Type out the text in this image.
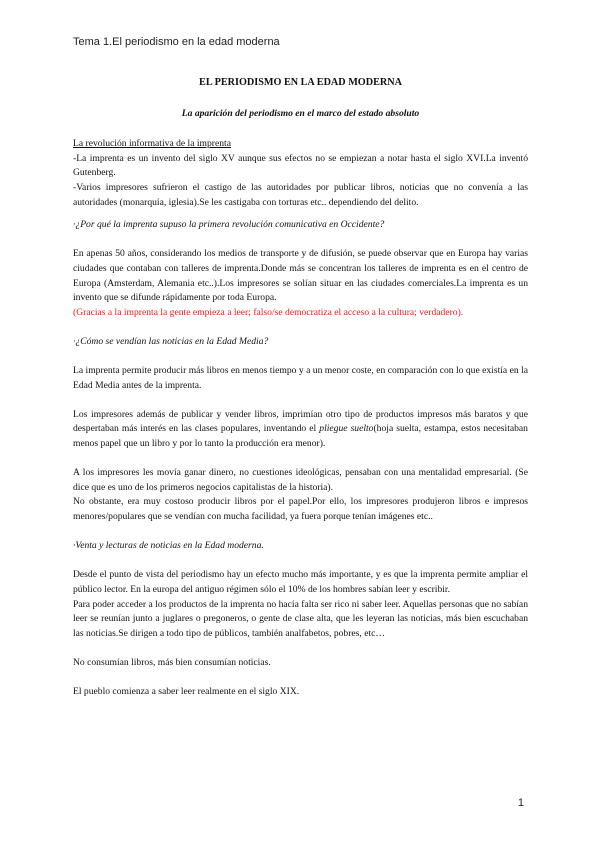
Tema 1.El periodismo en la edad moderna

EL PERIODISMO EN LA EDAD MODERNA

La aparición del periodismo en el marco del estado absoluto

La revolución informativa de la imprenta

-La imprenta es un invento del siglo XV aunque sus efectos no se empiezan a notar hasta el siglo XVI.La inventó Gutenberg.

-Varios impresores sufrieron el castigo de las autoridades por publicar libros, noticias que no convenía a las autoridades (monarquía, iglesia).Se les castigaba con torturas etc.. dependiendo del delito.

·¿Por qué la imprenta supuso la primera revolución comunicativa en Occidente?

En apenas 50 años, considerando los medios de transporte y de difusión, se puede observar que en Europa hay varias ciudades que contaban con talleres de imprenta.Donde más se concentran los talleres de imprenta es en el centro de Europa (Amsterdam, Alemania etc..).Los impresores se solían situar en las ciudades comerciales.La imprenta es un invento que se difunde rápidamente por toda Europa.

(Gracias a la imprenta la gente empieza a leer; falso/se democratiza el acceso a la cultura; verdadero).

·¿Cómo se vendían las noticias en la Edad Media?

La imprenta permite producir más libros en menos tiempo y a un menor coste, en comparación con lo que existía en la Edad Media antes de la imprenta.

Los impresores además de publicar y vender libros, imprimían otro tipo de productos impresos más baratos y que despertaban más interés en las clases populares, inventando el pliegue suelto(hoja suelta, estampa, estos necesitaban menos papel que un libro y por lo tanto la producción era menor).

A los impresores les movía ganar dinero, no cuestiones ideológicas, pensaban con una mentalidad empresarial. (Se dice que es uno de los primeros negocios capitalistas de la historia).

No obstante, era muy costoso producir libros por el papel.Por ello, los impresores produjeron libros e impresos menores/populares que se vendían con mucha facilidad, ya fuera porque tenían imágenes etc..

·Venta y lecturas de noticias en la Edad moderna.

Desde el punto de vista del periodismo hay un efecto mucho más importante, y es que la imprenta permite ampliar el público lector. En la europa del antiguo régimen sólo el 10% de los hombres sabían leer y escribir.

Para poder acceder a los productos de la imprenta no hacía falta ser rico ni saber leer. Aquellas personas que no sabían leer se reunían junto a juglares o pregoneros, o gente de clase alta, que les leyeran las noticias, más bien escuchaban las noticias.Se dirigen a todo tipo de públicos, también analfabetos, pobres, etc…

No consumían libros, más bien consumían noticias.

El pueblo comienza a saber leer realmente en el siglo XIX.

1
